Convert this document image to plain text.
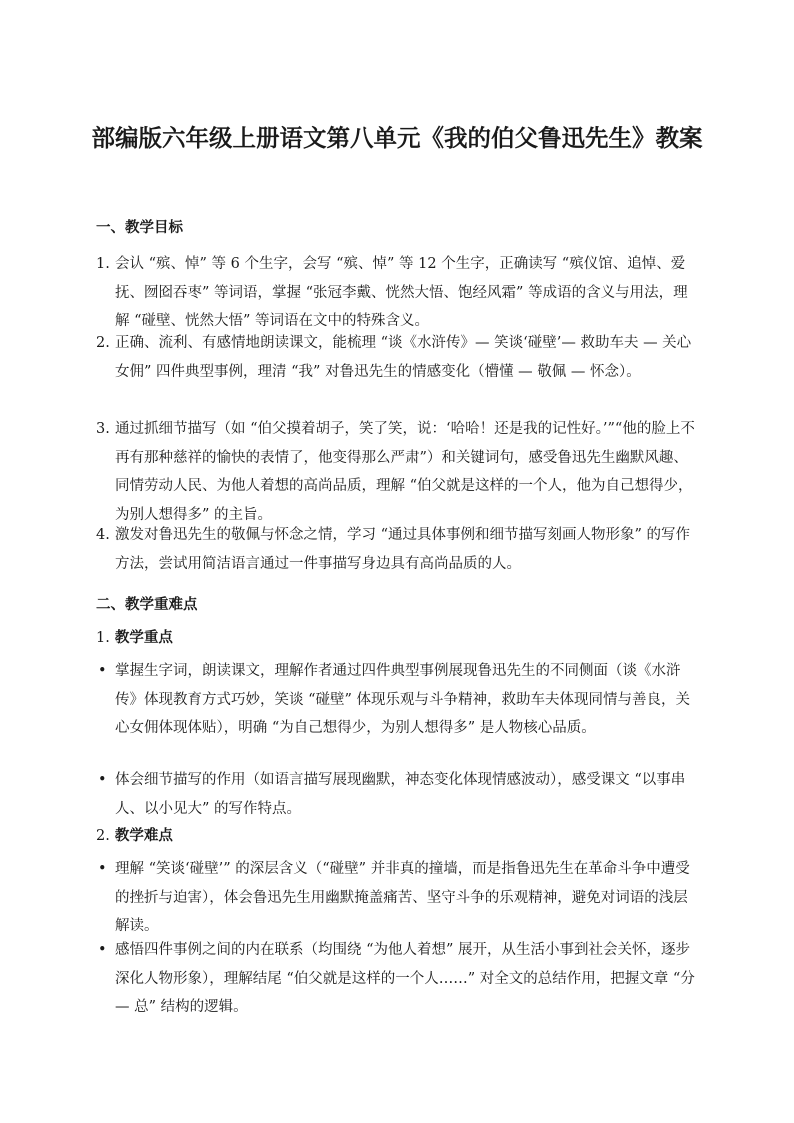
部编版六年级上册语文第八单元《我的伯父鲁迅先生》教案
一、教学目标
1. 会认 “殡、悼” 等 6 个生字，会写 “殡、悼” 等 12 个生字，正确读写 “殡仪馆、追悼、爱抚、囫囵吞枣” 等词语，掌握 “张冠李戴、恍然大悟、饱经风霜” 等成语的含义与用法，理解 “碰壁、恍然大悟” 等词语在文中的特殊含义。
2. 正确、流利、有感情地朗读课文，能梳理 “谈《水浒传》— 笑谈‘碰壁’— 救助车夫 — 关心女佣” 四件典型事例，理清 “我” 对鲁迅先生的情感变化（懵懂 — 敬佩 — 怀念）。
3. 通过抓细节描写（如 “伯父摸着胡子，笑了笑，说：‘哈哈！还是我的记性好。’”“他的脸上不再有那种慈祥的愉快的表情了，他变得那么严肃”）和关键词句，感受鲁迅先生幽默风趣、同情劳动人民、为他人着想的高尚品质，理解 “伯父就是这样的一个人，他为自己想得少，为别人想得多” 的主旨。
4. 激发对鲁迅先生的敬佩与怀念之情，学习 “通过具体事例和细节描写刻画人物形象” 的写作方法，尝试用简洁语言通过一件事描写身边具有高尚品质的人。
二、教学重难点
1. 教学重点
• 掌握生字词，朗读课文，理解作者通过四件典型事例展现鲁迅先生的不同侧面（谈《水浒传》体现教育方式巧妙，笑谈 “碰壁” 体现乐观与斗争精神，救助车夫体现同情与善良，关心女佣体现体贴），明确 “为自己想得少，为别人想得多” 是人物核心品质。
• 体会细节描写的作用（如语言描写展现幽默，神态变化体现情感波动），感受课文 “以事串人、以小见大” 的写作特点。
2. 教学难点
• 理解 “笑谈‘碰壁’” 的深层含义（“碰壁” 并非真的撞墙，而是指鲁迅先生在革命斗争中遭受的挫折与迫害），体会鲁迅先生用幽默掩盖痛苦、坚守斗争的乐观精神，避免对词语的浅层解读。
• 感悟四件事例之间的内在联系（均围绕 “为他人着想” 展开，从生活小事到社会关怀，逐步深化人物形象），理解结尾 “伯父就是这样的一个人……” 对全文的总结作用，把握文章 “分 — 总” 结构的逻辑。
